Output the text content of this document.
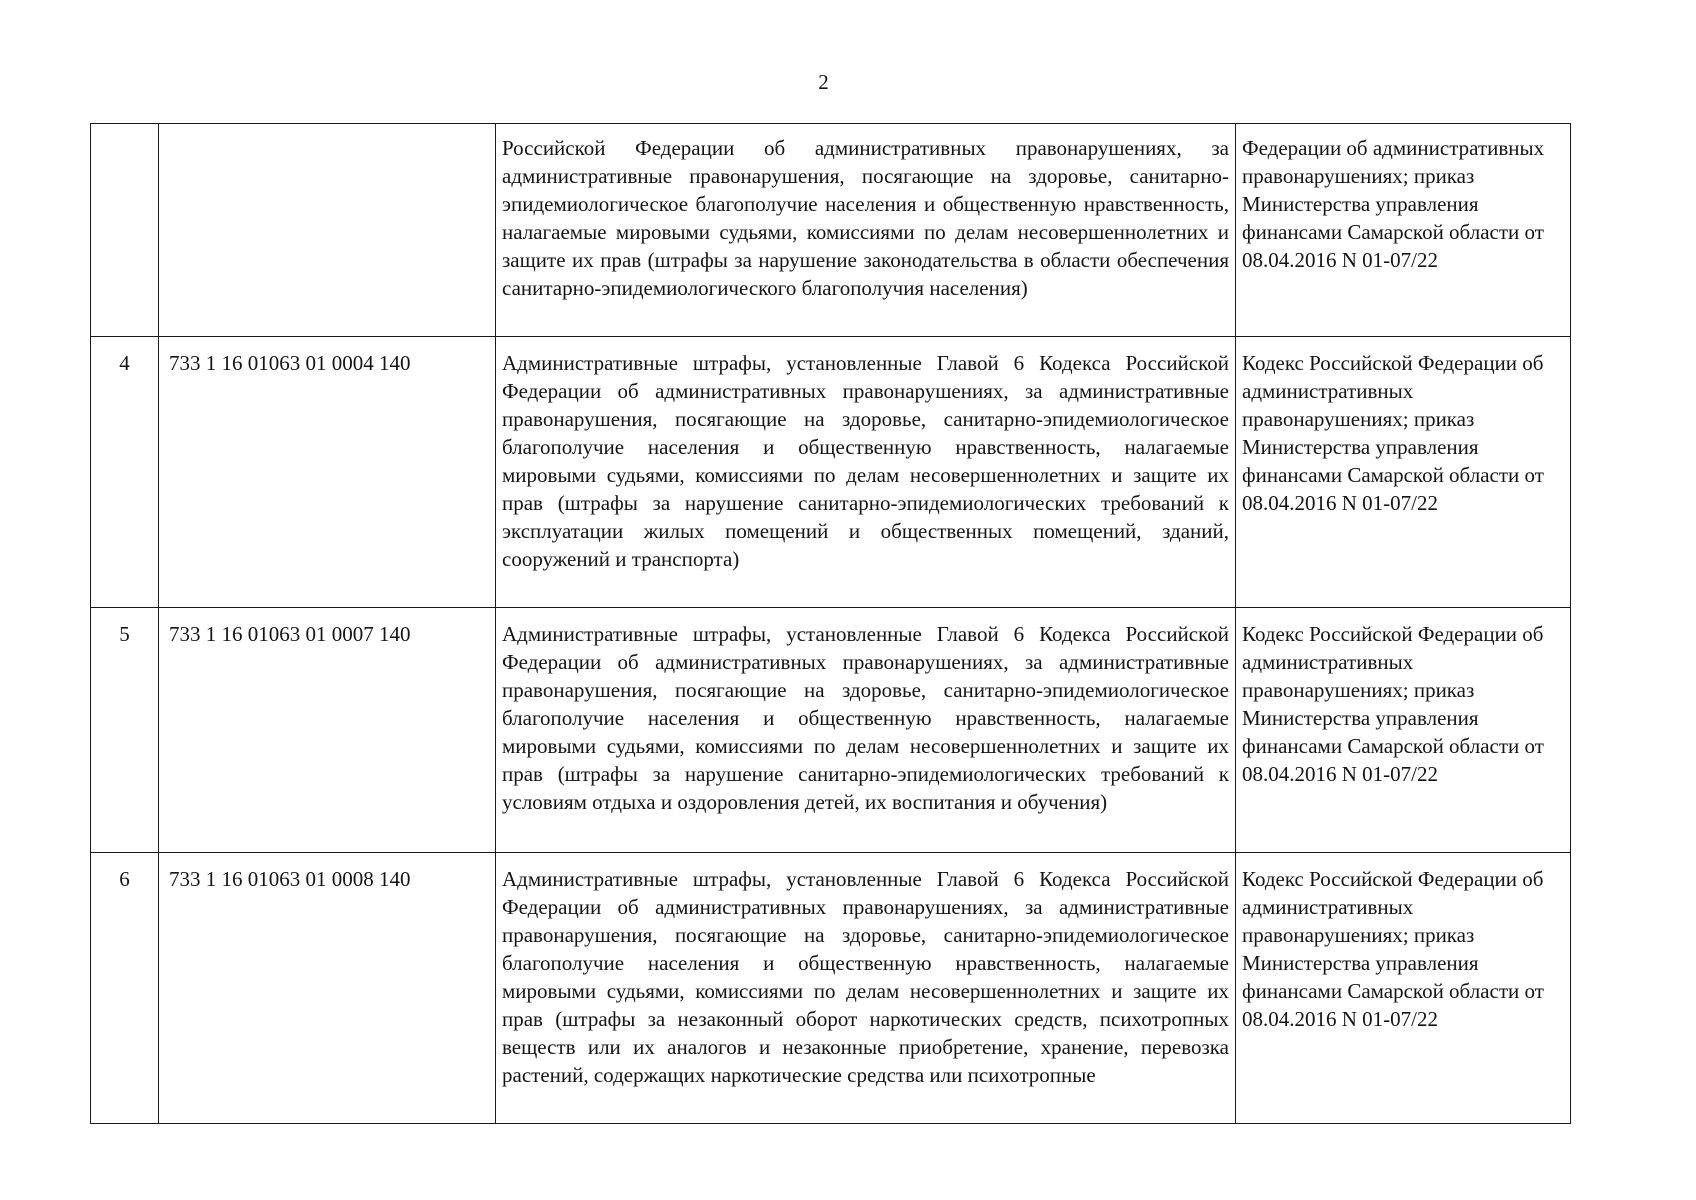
2
		Российской Федерации об административных правонарушениях, за административные правонарушения, посягающие на здоровье, санитарно-эпидемиологическое благополучие населения и общественную нравственность, налагаемые мировыми судьями, комиссиями по делам несовершеннолетних и защите их прав (штрафы за нарушение законодательства в области обеспечения санитарно-эпидемиологического благополучия населения)	Федерации об административных правонарушениях; приказ Министерства управления финансами Самарской области от 08.04.2016 N 01-07/22
4	733 1 16 01063 01 0004 140	Административные штрафы, установленные Главой 6 Кодекса Российской Федерации об административных правонарушениях, за административные правонарушения, посягающие на здоровье, санитарно-эпидемиологическое благополучие населения и общественную нравственность, налагаемые мировыми судьями, комиссиями по делам несовершеннолетних и защите их прав (штрафы за нарушение санитарно-эпидемиологических требований к эксплуатации жилых помещений и общественных помещений, зданий, сооружений и транспорта)	Кодекс Российской Федерации об административных правонарушениях; приказ Министерства управления финансами Самарской области от 08.04.2016 N 01-07/22
5	733 1 16 01063 01 0007 140	Административные штрафы, установленные Главой 6 Кодекса Российской Федерации об административных правонарушениях, за административные правонарушения, посягающие на здоровье, санитарно-эпидемиологическое благополучие населения и общественную нравственность, налагаемые мировыми судьями, комиссиями по делам несовершеннолетних и защите их прав (штрафы за нарушение санитарно-эпидемиологических требований к условиям отдыха и оздоровления детей, их воспитания и обучения)	Кодекс Российской Федерации об административных правонарушениях; приказ Министерства управления финансами Самарской области от 08.04.2016 N 01-07/22
6	733 1 16 01063 01 0008 140	Административные штрафы, установленные Главой 6 Кодекса Российской Федерации об административных правонарушениях, за административные правонарушения, посягающие на здоровье, санитарно-эпидемиологическое благополучие населения и общественную нравственность, налагаемые мировыми судьями, комиссиями по делам несовершеннолетних и защите их прав (штрафы за незаконный оборот наркотических средств, психотропных веществ или их аналогов и незаконные приобретение, хранение, перевозка растений, содержащих наркотические средства или психотропные	Кодекс Российской Федерации об административных правонарушениях; приказ Министерства управления финансами Самарской области от 08.04.2016 N 01-07/22
